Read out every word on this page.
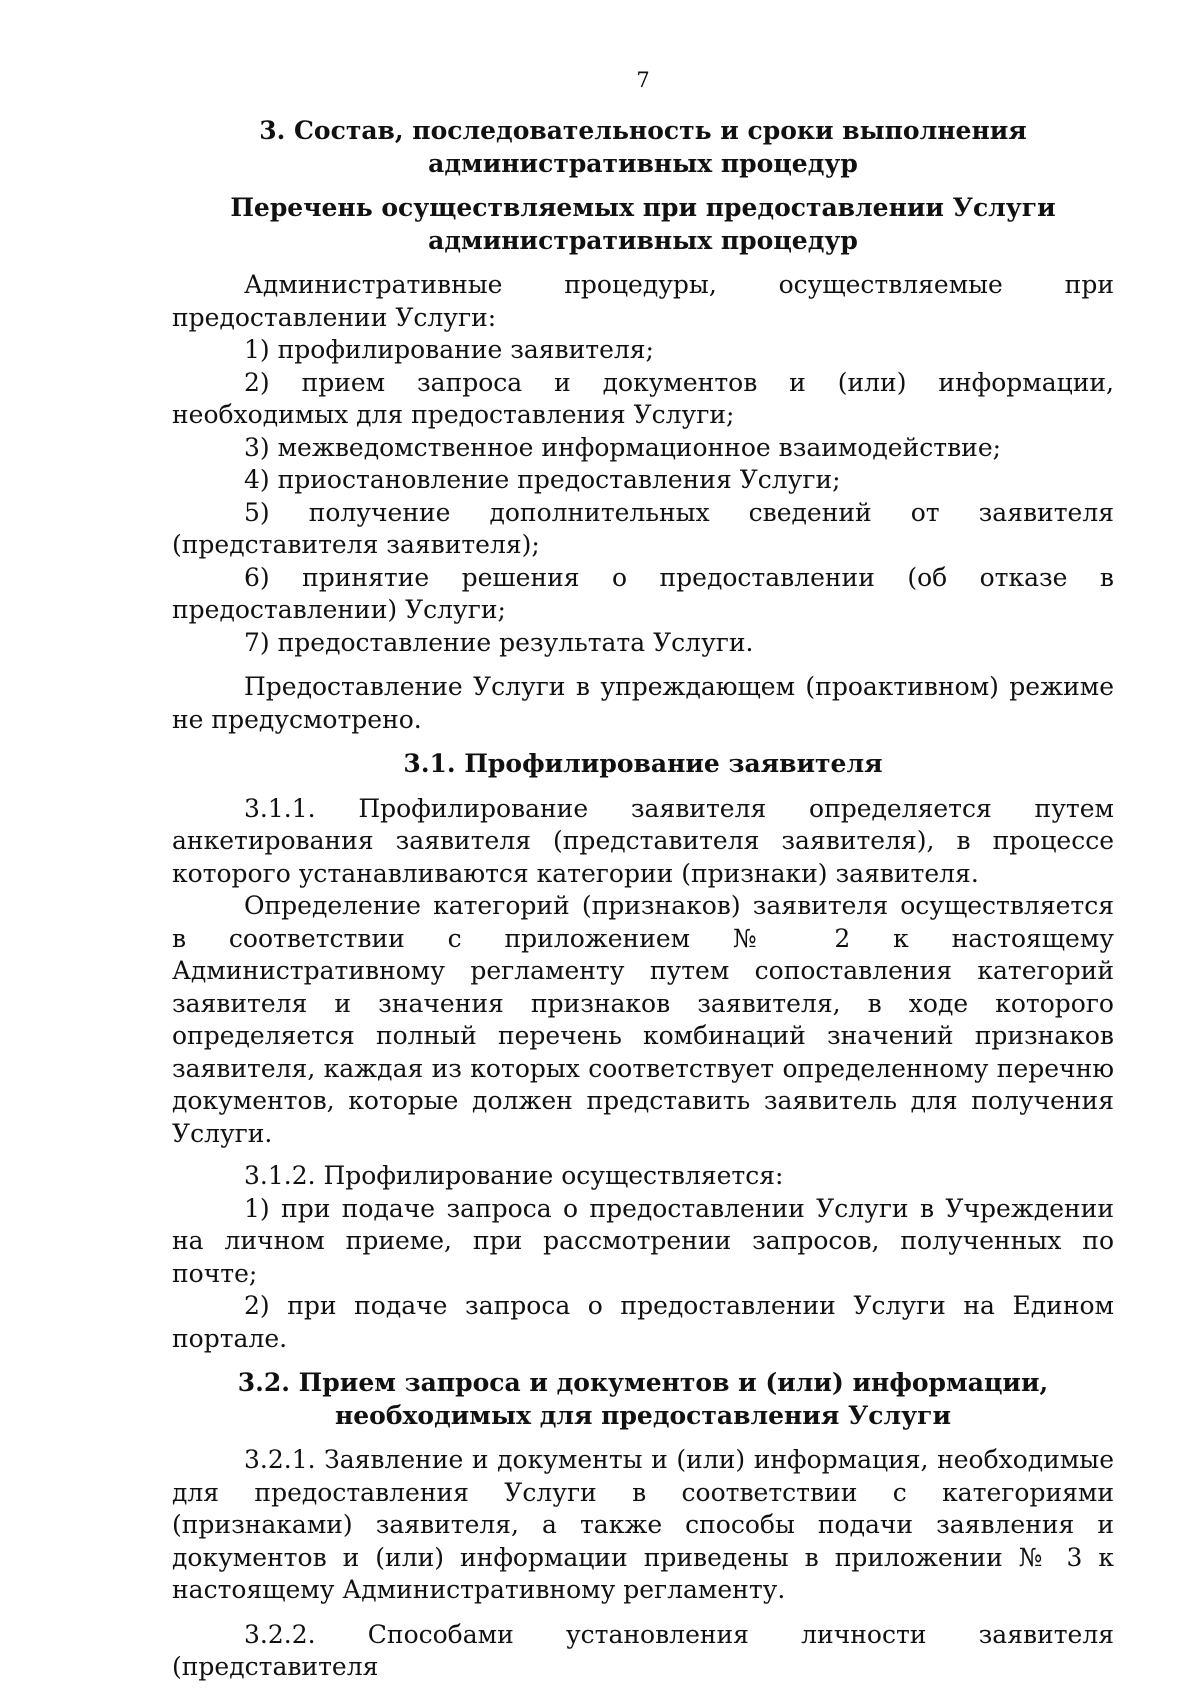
7
3. Состав, последовательность и сроки выполнения административных процедур
Перечень осуществляемых при предоставлении Услуги административных процедур

Административные процедуры, осуществляемые при предоставлении Услуги:

1) профилирование заявителя;

2) прием запроса и документов и (или) информации, необходимых для предоставления Услуги;

3) межведомственное информационное взаимодействие;

4) приостановление предоставления Услуги;

5) получение дополнительных сведений от заявителя (представителя заявителя);

6) принятие решения о предоставлении (об отказе в предоставлении) Услуги;

7) предоставление результата Услуги.

Предоставление Услуги в упреждающем (проактивном) режиме не предусмотрено.

3.1. Профилирование заявителя

3.1.1. Профилирование заявителя определяется путем анкетирования заявителя (представителя заявителя), в процессе которого устанавливаются категории (признаки) заявителя.

Определение категорий (признаков) заявителя осуществляется в соответствии с приложением № 2 к настоящему Административному регламенту путем сопоставления категорий заявителя и значения признаков заявителя, в ходе которого определяется полный перечень комбинаций значений признаков заявителя, каждая из которых соответствует определенному перечню документов, которые должен представить заявитель для получения Услуги.

3.1.2. Профилирование осуществляется:

1) при подаче запроса о предоставлении Услуги в Учреждении на личном приеме, при рассмотрении запросов, полученных по почте;

2) при подаче запроса о предоставлении Услуги на Едином портале.

3.2. Прием запроса и документов и (или) информации, необходимых для предоставления Услуги

3.2.1. Заявление и документы и (или) информация, необходимые для предоставления Услуги в соответствии с категориями (признаками) заявителя, а также способы подачи заявления и документов и (или) информации приведены в приложении № 3 к настоящему Административному регламенту.

3.2.2. Способами установления личности заявителя (представителя
